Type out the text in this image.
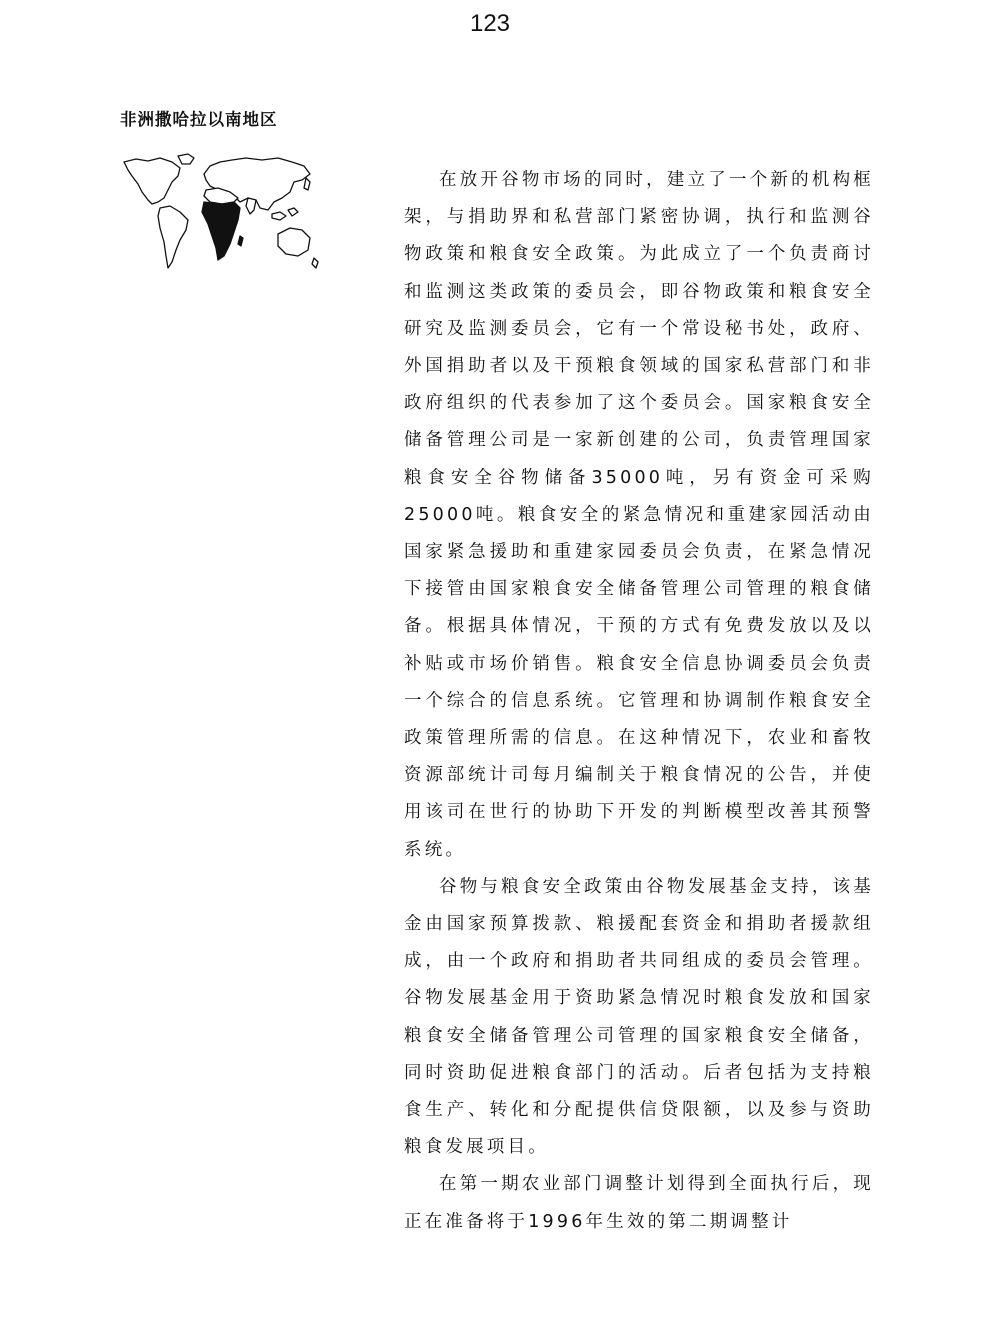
123
非洲撒哈拉以南地区

在放开谷物市场的同时，建立了一个新的机构框架，与捐助界和私营部门紧密协调，执行和监测谷物政策和粮食安全政策。为此成立了一个负责商讨和监测这类政策的委员会，即谷物政策和粮食安全研究及监测委员会，它有一个常设秘书处，政府、外国捐助者以及干预粮食领域的国家私营部门和非政府组织的代表参加了这个委员会。国家粮食安全储备管理公司是一家新创建的公司，负责管理国家粮食安全谷物储备35000吨，另有资金可采购25000吨。粮食安全的紧急情况和重建家园活动由国家紧急援助和重建家园委员会负责，在紧急情况下接管由国家粮食安全储备管理公司管理的粮食储备。根据具体情况，干预的方式有免费发放以及以补贴或市场价销售。粮食安全信息协调委员会负责一个综合的信息系统。它管理和协调制作粮食安全政策管理所需的信息。在这种情况下，农业和畜牧资源部统计司每月编制关于粮食情况的公告，并使用该司在世行的协助下开发的判断模型改善其预警系统。

谷物与粮食安全政策由谷物发展基金支持，该基金由国家预算拨款、粮援配套资金和捐助者援款组成，由一个政府和捐助者共同组成的委员会管理。谷物发展基金用于资助紧急情况时粮食发放和国家粮食安全储备管理公司管理的国家粮食安全储备，同时资助促进粮食部门的活动。后者包括为支持粮食生产、转化和分配提供信贷限额，以及参与资助粮食发展项目。

在第一期农业部门调整计划得到全面执行后，现正在准备将于1996年生效的第二期调整计
